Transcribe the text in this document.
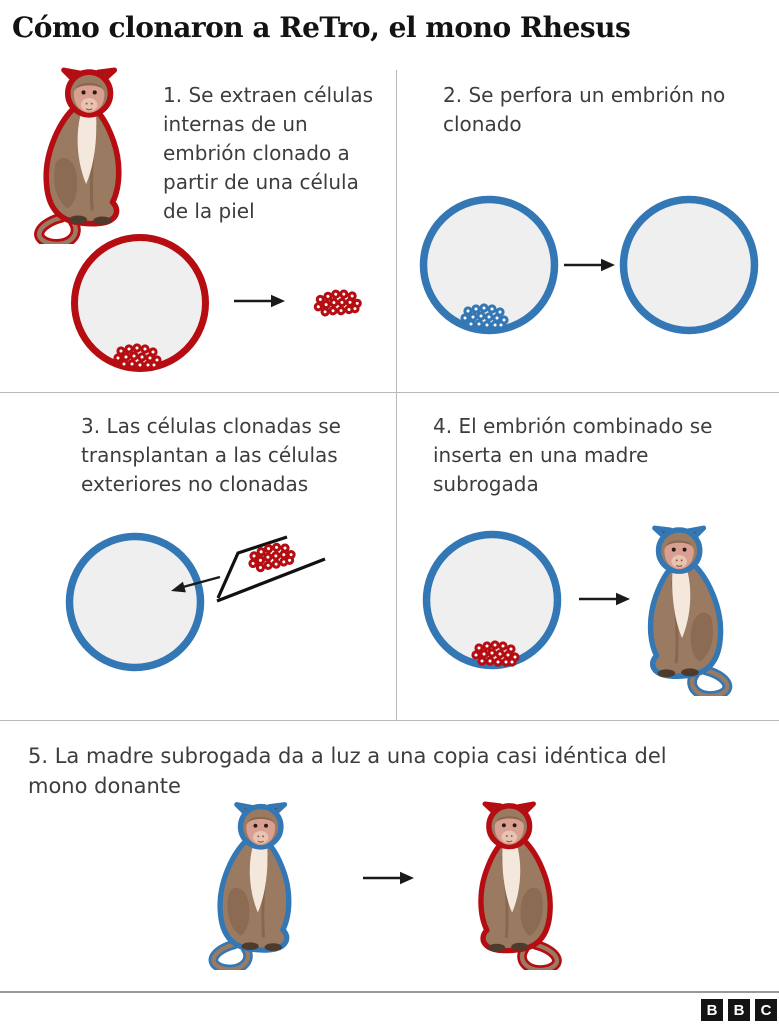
Cómo clonaron a ReTro, el mono Rhesus
1. Se extraen células internas de un embrión clonado a partir de una célula de la piel
2. Se perfora un embrión no clonado
3. Las células clonadas se transplantan a las células exteriores no clonadas
4. El embrión combinado se inserta en una madre subrogada
5. La madre subrogada da a luz a una copia casi idéntica del mono donante
B B C
